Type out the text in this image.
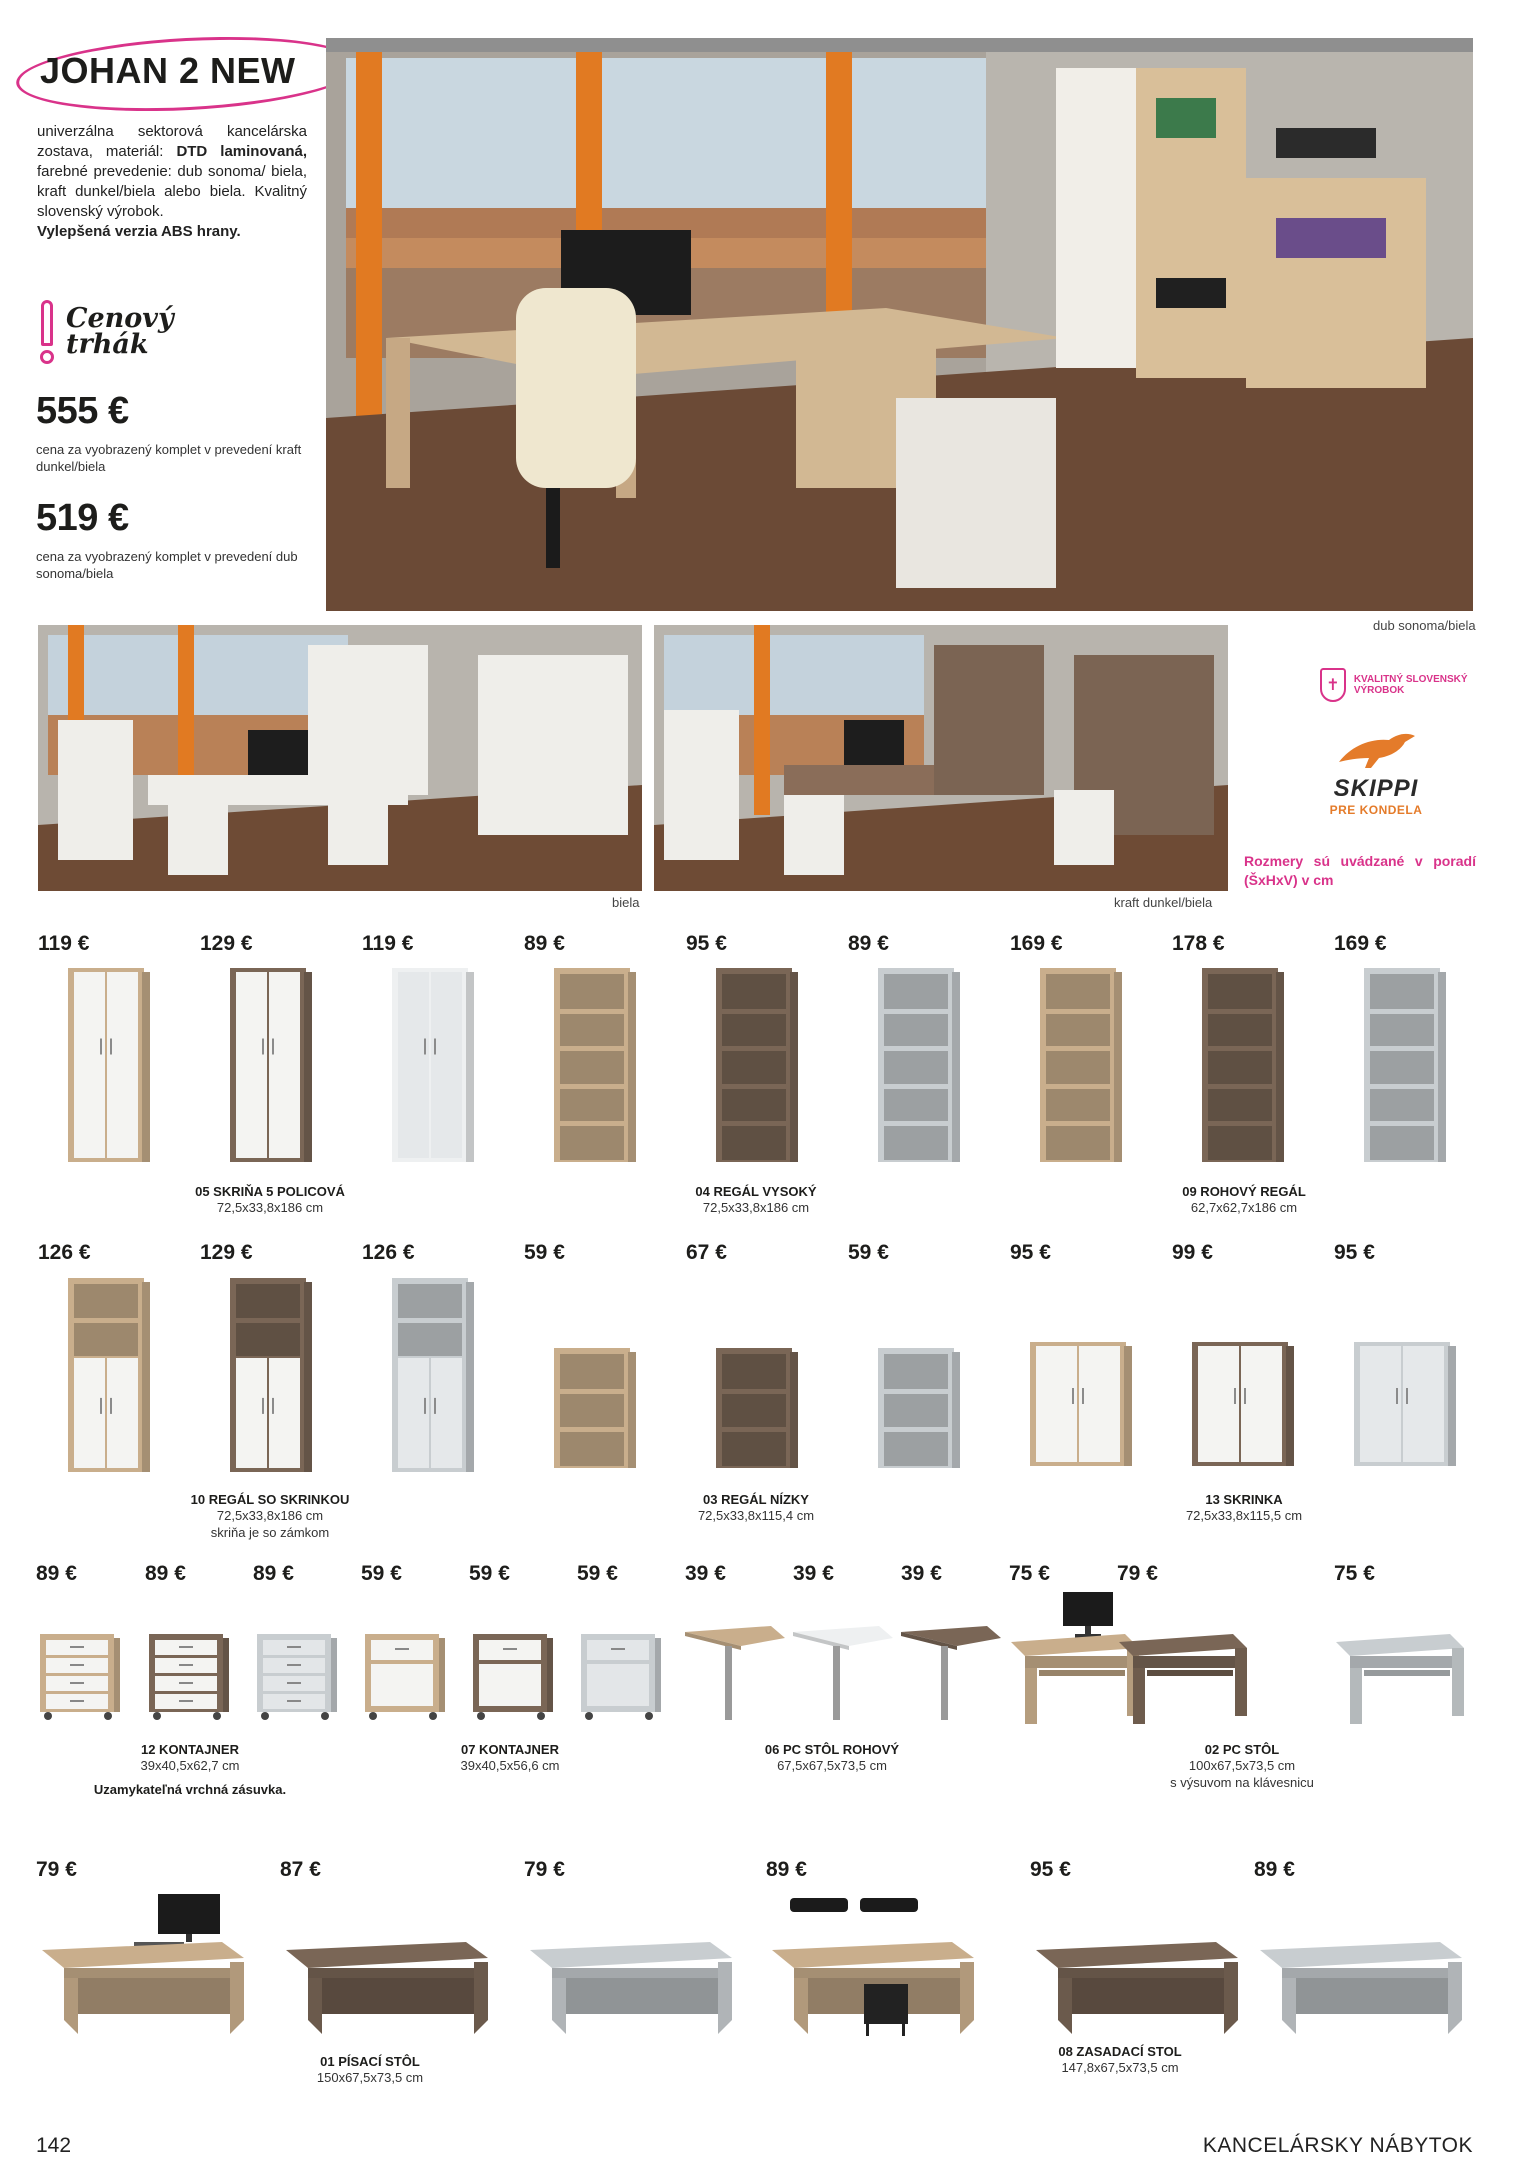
JOHAN 2 NEW
univerzálna sektorová kancelárska zostava, materiál: DTD laminovaná, farebné prevedenie: dub sonoma/ biela, kraft dunkel/biela alebo biela. Kvalitný slovenský výrobok.
Vylepšená verzia ABS hrany.
Cenový
trhák
555 €
cena za vyobrazený komplet v prevedení kraft dunkel/biela
519 €
cena za vyobrazený komplet v prevedení dub sonoma/biela
dub sonoma/biela
biela	kraft dunkel/biela
✝	KVALITNÝ SLOVENSKÝ VÝROBOK
SKIPPI
PRE KONDELA
Rozmery sú uvádzané v poradí (ŠxHxV) v cm
142	KANCELÁRSKY NÁBYTOK
119 €	129 €	119 €	89 €	95 €	89 €	169 €	178 €	169 €
05 SKRIŇA 5 POLICOVÁ
72,5x33,8x186 cm
04 REGÁL VYSOKÝ
72,5x33,8x186 cm
09 ROHOVÝ REGÁL
62,7x62,7x186 cm
126 €	129 €	126 €	59 €	67 €	59 €	95 €	99 €	95 €
10 REGÁL SO SKRINKOU
72,5x33,8x186 cm
skriňa je so zámkom
03 REGÁL NÍZKY
72,5x33,8x115,4 cm
13 SKRINKA
72,5x33,8x115,5 cm
89 €	89 €	89 €	59 €	59 €	59 €	39 €	39 €	39 €	75 €	79 €	75 €
12 KONTAJNER
39x40,5x62,7 cm
Uzamykateľná vrchná zásuvka.
07 KONTAJNER
39x40,5x56,6 cm
06 PC STÔL ROHOVÝ
67,5x67,5x73,5 cm
02 PC STÔL
100x67,5x73,5 cm
s výsuvom na klávesnicu
79 €	87 €	79 €	89 €	95 €	89 €
01 PÍSACÍ STÔL
150x67,5x73,5 cm
08 ZASADACÍ STOL
147,8x67,5x73,5 cm
